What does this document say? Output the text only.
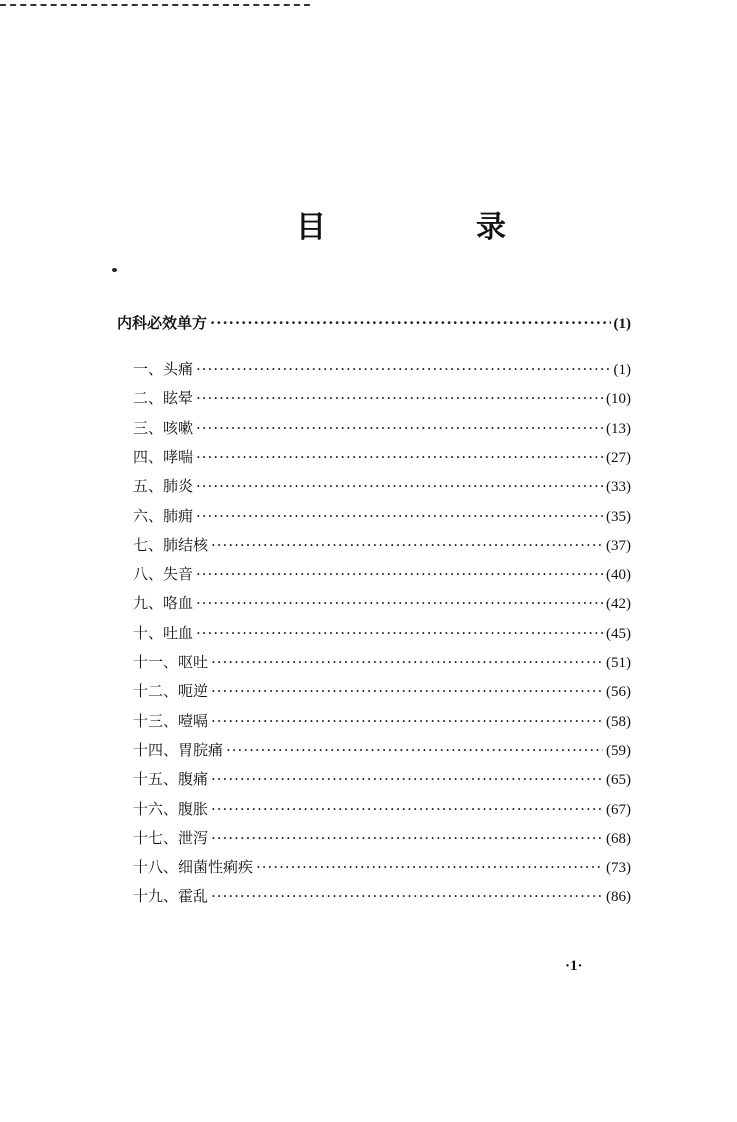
目　录
内科必效单方 ·····	(1)
一、头痛 ·····	(1)
二、眩晕 ·····	(10)
三、咳嗽 ·····	(13)
四、哮喘 ·····	(27)
五、肺炎 ·····	(33)
六、肺痈 ·····	(35)
七、肺结核 ·····	(37)
八、失音 ·····	(40)
九、咯血 ·····	(42)
十、吐血 ·····	(45)
十一、呕吐 ·····	(51)
十二、呃逆 ·····	(56)
十三、噎嗝 ·····	(58)
十四、胃脘痛 ·····	(59)
十五、腹痛 ·····	(65)
十六、腹胀 ·····	(67)
十七、泄泻 ·····	(68)
十八、细菌性痢疾 ·····	(73)
十九、霍乱 ·····	(86)
·1·
